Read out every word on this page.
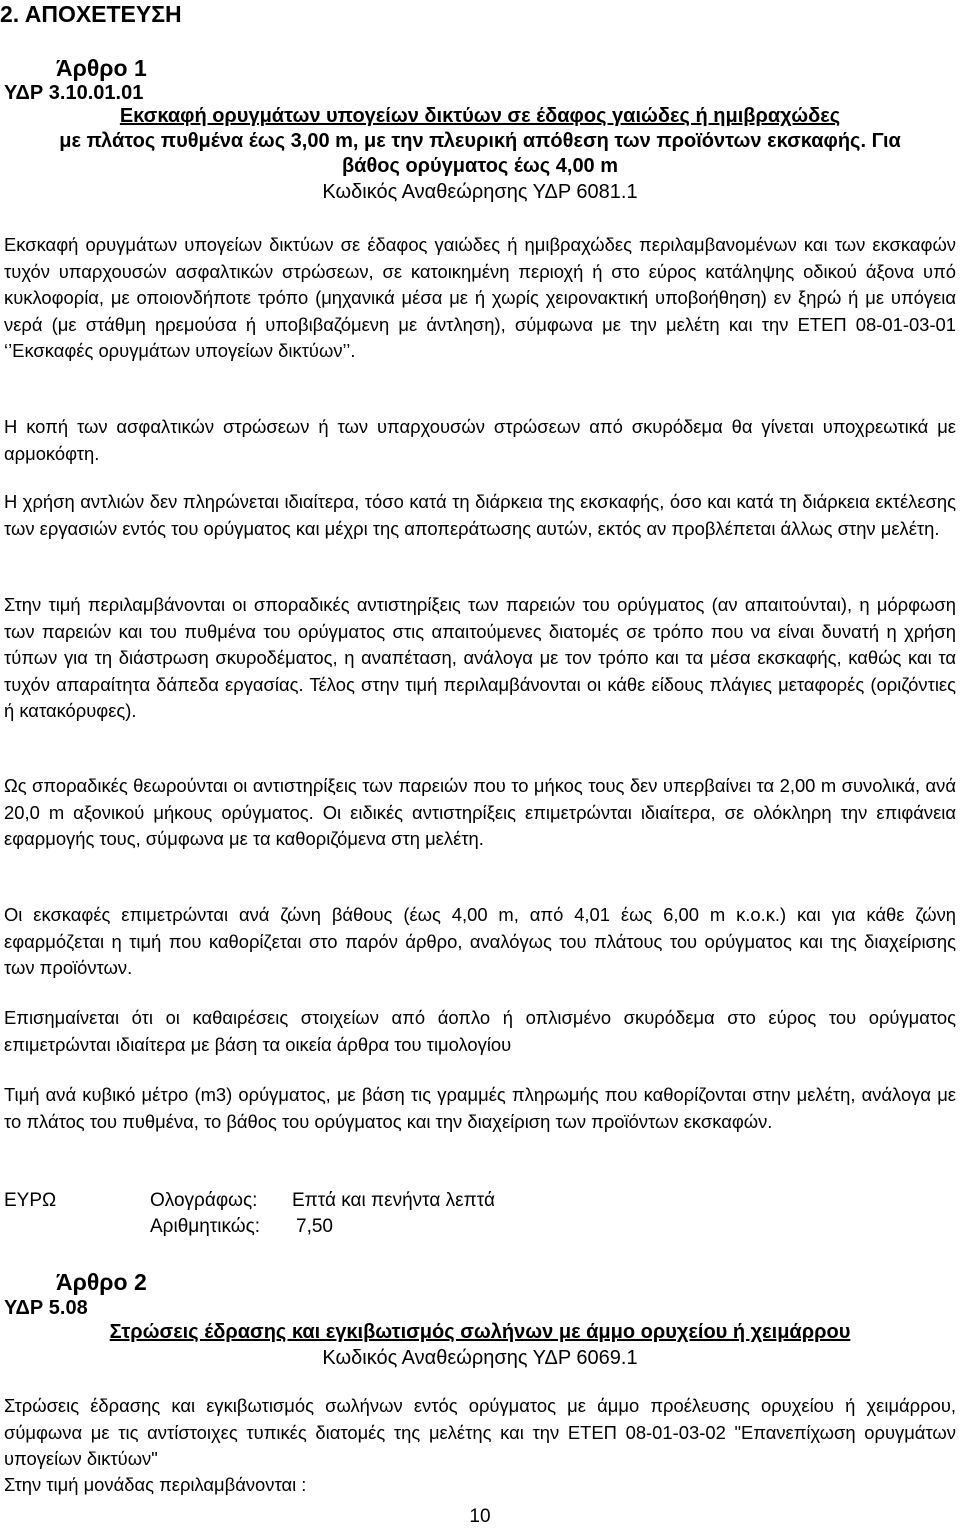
2. ΑΠΟΧΕΤΕΥΣΗ
Άρθρο 1
ΥΔΡ 3.10.01.01
Εκσκαφή ορυγμάτων υπογείων δικτύων σε έδαφος γαιώδες ή ημιβραχώδες
με πλάτος πυθμένα έως 3,00 m, με την πλευρική απόθεση των προϊόντων εκσκαφής. Για
βάθος ορύγματος έως 4,00 m
Κωδικός Αναθεώρησης ΥΔΡ 6081.1

Εκσκαφή ορυγμάτων υπογείων δικτύων σε έδαφος γαιώδες ή ημιβραχώδες περιλαμβανομένων και των εκσκαφών τυχόν υπαρχουσών ασφαλτικών στρώσεων, σε κατοικημένη περιοχή ή στο εύρος κατάληψης οδικού άξονα υπό κυκλοφορία, με οποιονδήποτε τρόπο (μηχανικά μέσα με ή χωρίς χειρονακτική υποβοήθηση) εν ξηρώ ή με υπόγεια νερά (με στάθμη ηρεμούσα ή υποβιβαζόμενη με άντληση), σύμφωνα με την μελέτη και την ΕΤΕΠ 08-01-03-01 ‘’Εκσκαφές ορυγμάτων υπογείων δικτύων’’.

Η κοπή των ασφαλτικών στρώσεων ή των υπαρχουσών στρώσεων από σκυρόδεμα θα γίνεται υποχρεωτικά με αρμοκόφτη.

Η χρήση αντλιών δεν πληρώνεται ιδιαίτερα, τόσο κατά τη διάρκεια της εκσκαφής, όσο και κατά τη διάρκεια εκτέλεσης των εργασιών εντός του ορύγματος και μέχρι της αποπεράτωσης αυτών, εκτός αν προβλέπεται άλλως στην μελέτη.

Στην τιμή περιλαμβάνονται οι σποραδικές αντιστηρίξεις των παρειών του ορύγματος (αν απαιτούνται), η μόρφωση των παρειών και του πυθμένα του ορύγματος στις απαιτούμενες διατομές σε τρόπο που να είναι δυνατή η χρήση τύπων για τη διάστρωση σκυροδέματος, η αναπέταση, ανάλογα με τον τρόπο και τα μέσα εκσκαφής, καθώς και τα τυχόν απαραίτητα δάπεδα εργασίας. Τέλος στην τιμή περιλαμβάνονται οι κάθε είδους πλάγιες μεταφορές (οριζόντιες ή κατακόρυφες).

Ως σποραδικές θεωρούνται οι αντιστηρίξεις των παρειών που το μήκος τους δεν υπερβαίνει τα 2,00 m συνολικά, ανά 20,0 m αξονικού μήκους ορύγματος. Οι ειδικές αντιστηρίξεις επιμετρώνται ιδιαίτερα, σε ολόκληρη την επιφάνεια εφαρμογής τους, σύμφωνα με τα καθοριζόμενα στη μελέτη.

Οι εκσκαφές επιμετρώνται ανά ζώνη βάθους (έως 4,00 m, από 4,01 έως 6,00 m κ.ο.κ.) και για κάθε ζώνη εφαρμόζεται η τιμή που καθορίζεται στο παρόν άρθρο, αναλόγως του πλάτους του ορύγματος και της διαχείρισης των προϊόντων.

Επισημαίνεται ότι οι καθαιρέσεις στοιχείων από άοπλο ή οπλισμένο σκυρόδεμα στο εύρος του ορύγματος επιμετρώνται ιδιαίτερα με βάση τα οικεία άρθρα του τιμολογίου

Τιμή ανά κυβικό μέτρο (m3) ορύγματος, με βάση τις γραμμές πληρωμής που καθορίζονται στην μελέτη, ανάλογα με το πλάτος του πυθμένα, το βάθος του ορύγματος και την διαχείριση των προϊόντων εκσκαφών.

ΕΥΡΩ	Ολογράφως: Επτά και πενήντα λεπτά
Αριθμητικώς: 7,50
Άρθρο 2
ΥΔΡ 5.08
Στρώσεις έδρασης και εγκιβωτισμός σωλήνων με άμμο ορυχείου ή χειμάρρου
Κωδικός Αναθεώρησης ΥΔΡ 6069.1

Στρώσεις έδρασης και εγκιβωτισμός σωλήνων εντός ορύγματος με άμμο προέλευσης ορυχείου ή χειμάρρου, σύμφωνα με τις αντίστοιχες τυπικές διατομές της μελέτης και την ΕΤΕΠ 08-01-03-02 "Επανεπίχωση ορυγμάτων υπογείων δικτύων"

Στην τιμή μονάδας περιλαμβάνονται :

10
